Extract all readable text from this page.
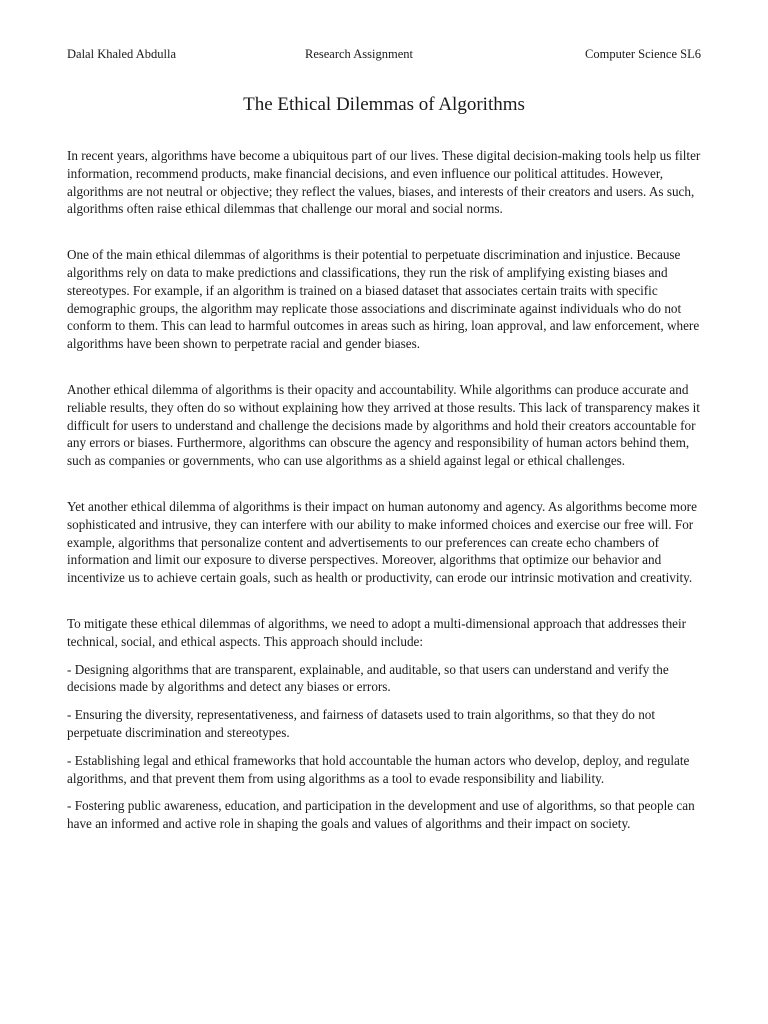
Dalal Khaled Abdulla	Research Assignment	Computer Science SL6
The Ethical Dilemmas of Algorithms

In recent years, algorithms have become a ubiquitous part of our lives. These digital decision-making tools help us filter information, recommend products, make financial decisions, and even influence our political attitudes. However, algorithms are not neutral or objective; they reflect the values, biases, and interests of their creators and users. As such, algorithms often raise ethical dilemmas that challenge our moral and social norms.

One of the main ethical dilemmas of algorithms is their potential to perpetuate discrimination and injustice. Because algorithms rely on data to make predictions and classifications, they run the risk of amplifying existing biases and stereotypes. For example, if an algorithm is trained on a biased dataset that associates certain traits with specific demographic groups, the algorithm may replicate those associations and discriminate against individuals who do not conform to them. This can lead to harmful outcomes in areas such as hiring, loan approval, and law enforcement, where algorithms have been shown to perpetrate racial and gender biases.

Another ethical dilemma of algorithms is their opacity and accountability. While algorithms can produce accurate and reliable results, they often do so without explaining how they arrived at those results. This lack of transparency makes it difficult for users to understand and challenge the decisions made by algorithms and hold their creators accountable for any errors or biases. Furthermore, algorithms can obscure the agency and responsibility of human actors behind them, such as companies or governments, who can use algorithms as a shield against legal or ethical challenges.

Yet another ethical dilemma of algorithms is their impact on human autonomy and agency. As algorithms become more sophisticated and intrusive, they can interfere with our ability to make informed choices and exercise our free will. For example, algorithms that personalize content and advertisements to our preferences can create echo chambers of information and limit our exposure to diverse perspectives. Moreover, algorithms that optimize our behavior and incentivize us to achieve certain goals, such as health or productivity, can erode our intrinsic motivation and creativity.

To mitigate these ethical dilemmas of algorithms, we need to adopt a multi-dimensional approach that addresses their technical, social, and ethical aspects. This approach should include:

- Designing algorithms that are transparent, explainable, and auditable, so that users can understand and verify the decisions made by algorithms and detect any biases or errors.

- Ensuring the diversity, representativeness, and fairness of datasets used to train algorithms, so that they do not perpetuate discrimination and stereotypes.

- Establishing legal and ethical frameworks that hold accountable the human actors who develop, deploy, and regulate algorithms, and that prevent them from using algorithms as a tool to evade responsibility and liability.

- Fostering public awareness, education, and participation in the development and use of algorithms, so that people can have an informed and active role in shaping the goals and values of algorithms and their impact on society.
